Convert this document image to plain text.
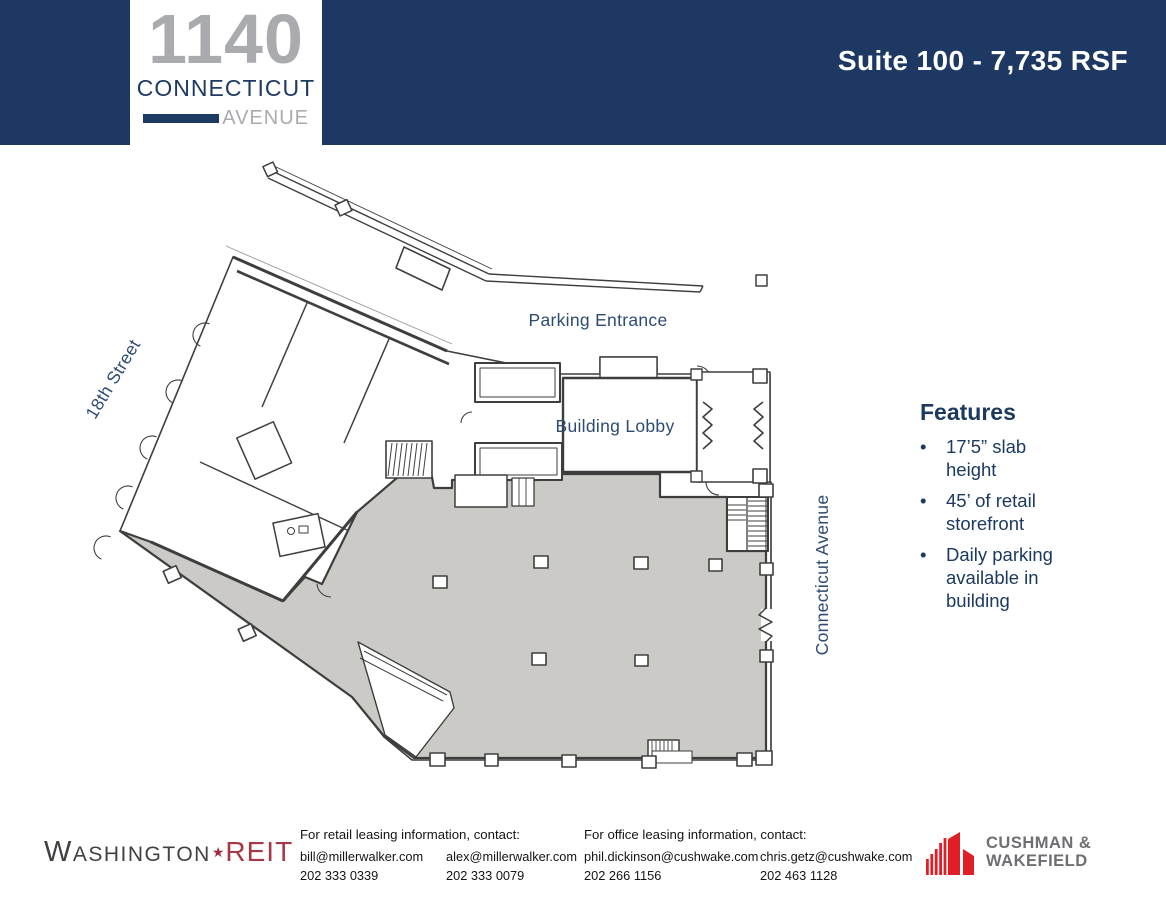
Suite 100 - 7,735 RSF
1140
CONNECTICUT
AVENUE
Parking Entrance
Building Lobby
18th Street
Connecticut Avenue
Features
•	17’5” slab height
•	45’ of retail storefront
•	Daily parking available in building
WASHINGTON★REIT
For retail leasing information, contact:
bill@millerwalker.com
202 333 0339
alex@millerwalker.com
202 333 0079
For office leasing information, contact:
phil.dickinson@cushwake.com
202 266 1156
chris.getz@cushwake.com
202 463 1128
CUSHMAN &
WAKEFIELD
